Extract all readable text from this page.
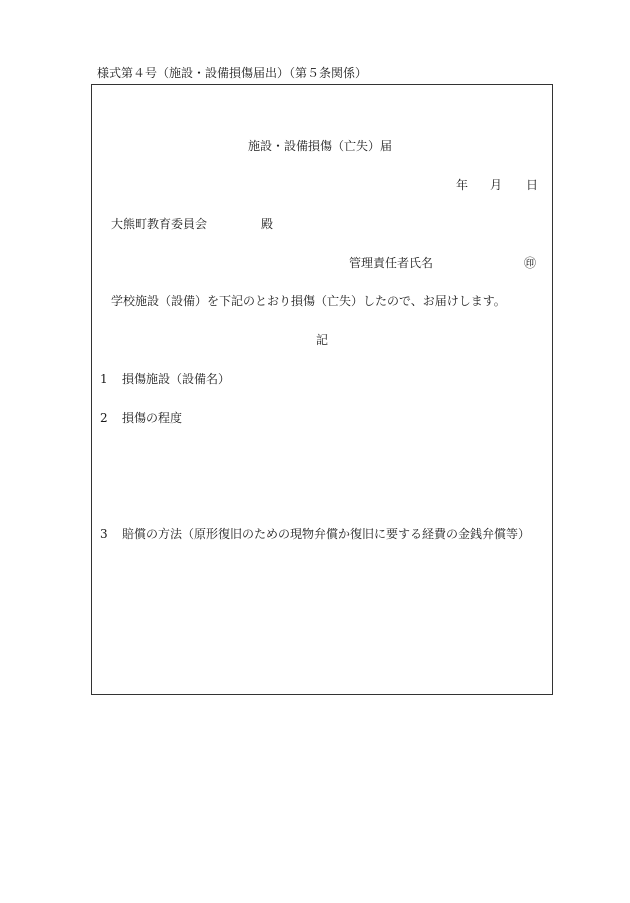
様式第４号（施設・設備損傷届出）（第５条関係）
施設・設備損傷（亡失）届
年 月 日
大熊町教育委員会	殿
管理責任者氏名	㊞
学校施設（設備）を下記のとおり損傷（亡失）したので、お届けします。
記
1 損傷施設（設備名）
2 損傷の程度
3 賠償の方法（原形復旧のための現物弁償か復旧に要する経費の金銭弁償等）
